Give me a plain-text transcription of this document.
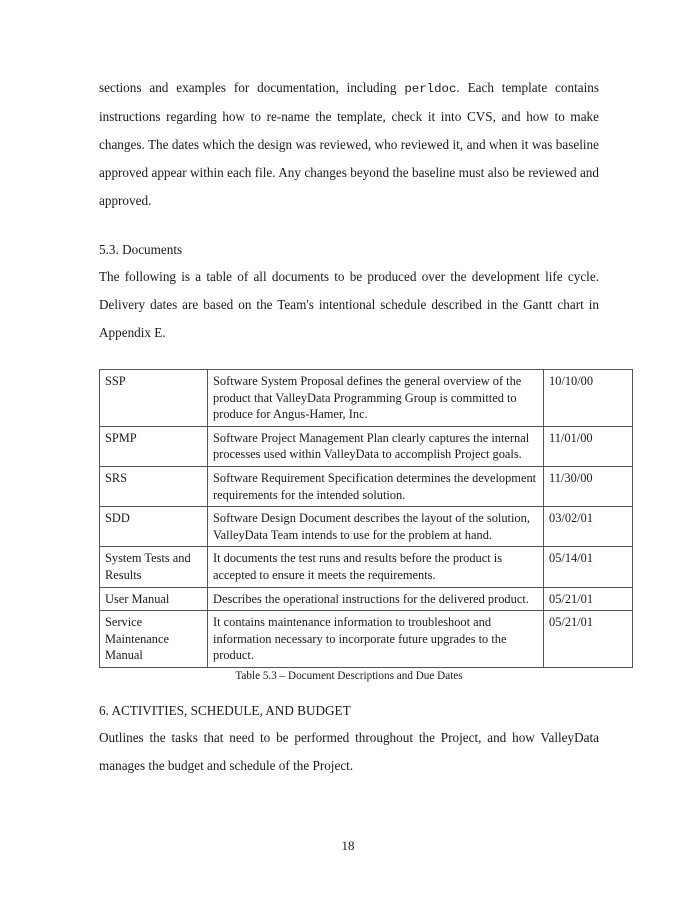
sections and examples for documentation, including perldoc. Each template contains instructions regarding how to re-name the template, check it into CVS, and how to make changes. The dates which the design was reviewed, who reviewed it, and when it was baseline approved appear within each file. Any changes beyond the baseline must also be reviewed and approved.

5.3. Documents

The following is a table of all documents to be produced over the development life cycle. Delivery dates are based on the Team's intentional schedule described in the Gantt chart in Appendix E.

SSP	Software System Proposal defines the general overview of the product that ValleyData Programming Group is committed to produce for Angus-Hamer, Inc.	10/10/00
SPMP	Software Project Management Plan clearly captures the internal processes used within ValleyData to accomplish Project goals.	11/01/00
SRS	Software Requirement Specification determines the development requirements for the intended solution.	11/30/00
SDD	Software Design Document describes the layout of the solution, ValleyData Team intends to use for the problem at hand.	03/02/01
System Tests and Results	It documents the test runs and results before the product is accepted to ensure it meets the requirements.	05/14/01
User Manual	Describes the operational instructions for the delivered product.	05/21/01
Service Maintenance Manual	It contains maintenance information to troubleshoot and information necessary to incorporate future upgrades to the product.	05/21/01

Table 5.3 – Document Descriptions and Due Dates

6. ACTIVITIES, SCHEDULE, AND BUDGET

Outlines the tasks that need to be performed throughout the Project, and how ValleyData manages the budget and schedule of the Project.

18
